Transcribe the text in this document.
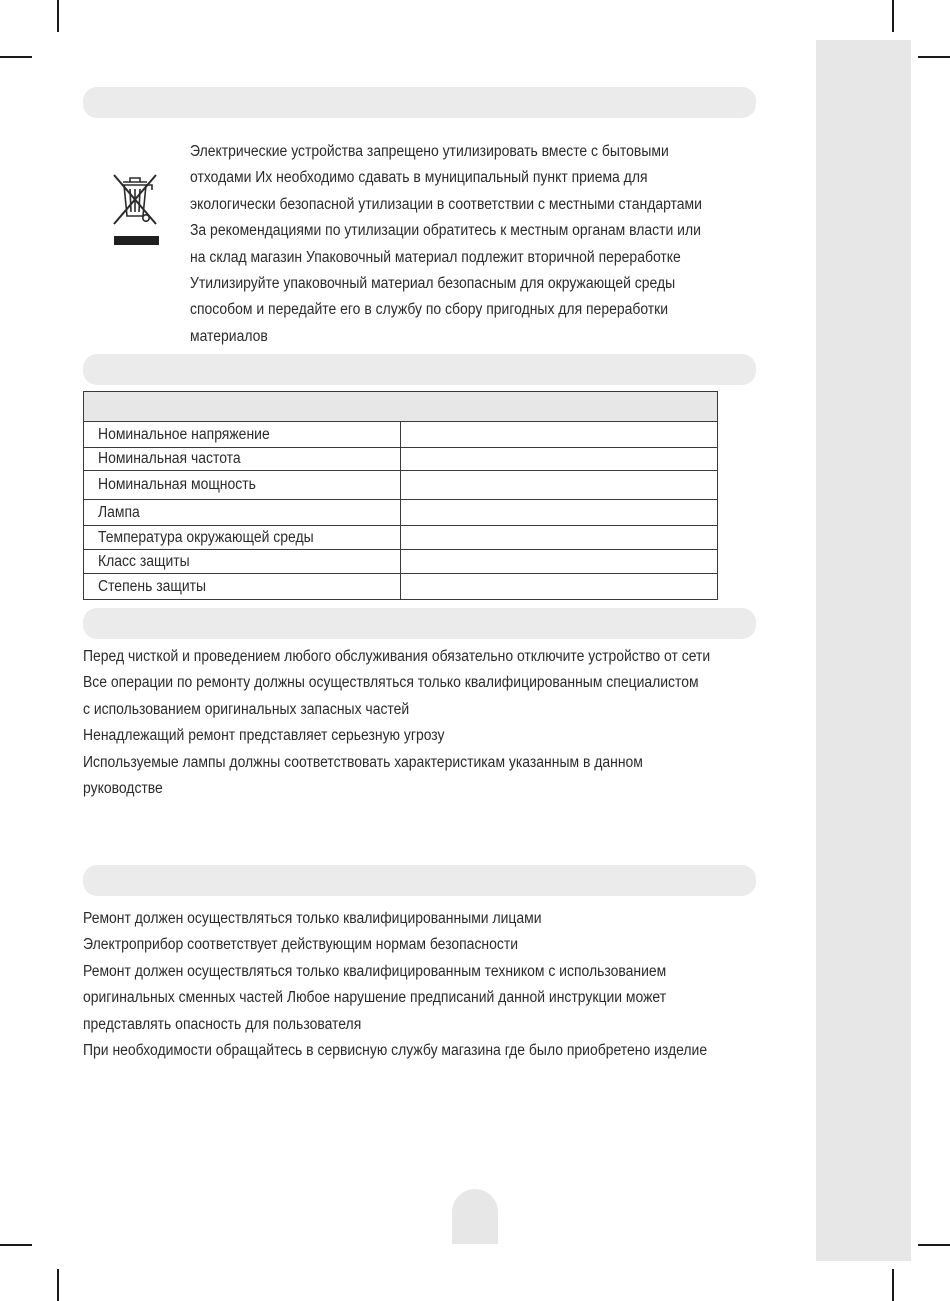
Электрические устройства запрещено утилизировать вместе с бытовыми
отходами Их необходимо сдавать в муниципальный пункт приема для
экологически безопасной утилизации в соответствии с местными стандартами
За рекомендациями по утилизации обратитесь к местным органам власти или
на склад магазин Упаковочный материал подлежит вторичной переработке
Утилизируйте упаковочный материал безопасным для окружающей среды
способом и передайте его в службу по сбору пригодных для переработки
материалов

Номинальное напряжение	
Номинальная частота	
Номинальная мощность	
Лампа	
Температура окружающей среды	
Класс защиты	
Степень защиты	
Перед чисткой и проведением любого обслуживания обязательно отключите устройство от сети
Все операции по ремонту должны осуществляться только квалифицированным специалистом
с использованием оригинальных запасных частей
Ненадлежащий ремонт представляет серьезную угрозу
Используемые лампы должны соответствовать характеристикам указанным в данном
руководстве
Ремонт должен осуществляться только квалифицированными лицами
Электроприбор соответствует действующим нормам безопасности
Ремонт должен осуществляться только квалифицированным техником с использованием
оригинальных сменных частей Любое нарушение предписаний данной инструкции может
представлять опасность для пользователя
При необходимости обращайтесь в сервисную службу магазина где было приобретено изделие
